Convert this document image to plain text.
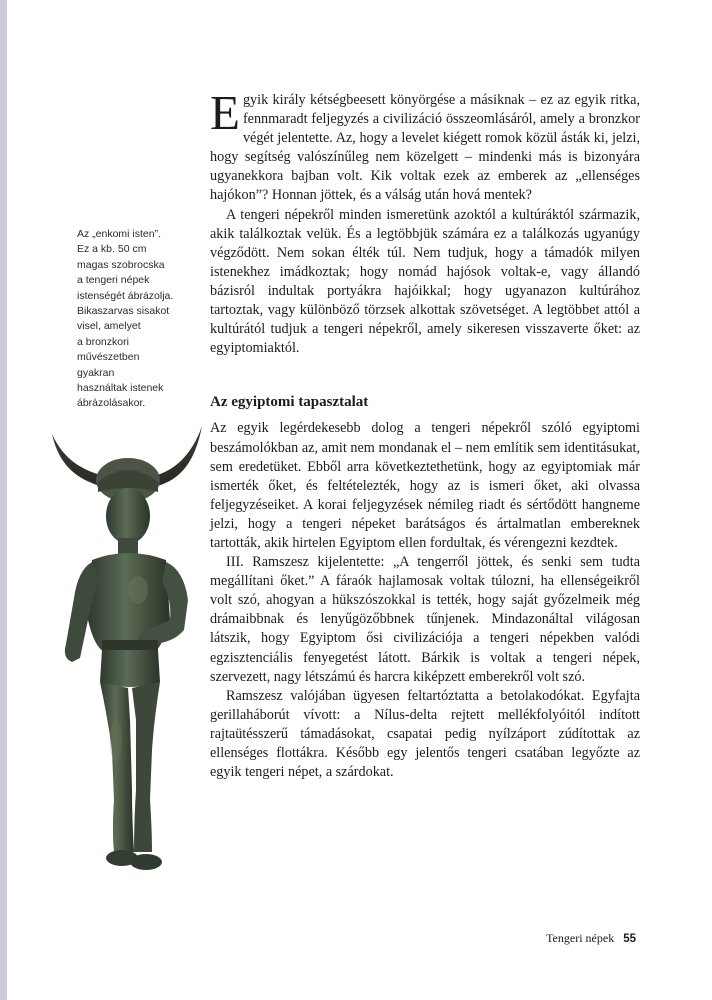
Az „enkomi isten”.
Ez a kb. 50 cm
magas szobrocska
a tengeri népek
istenségét ábrázolja.
Bikaszarvas sisakot
visel, amelyet
a bronzkori
művészetben
gyakran
használtak istenek
ábrázolásakor.

Egyik király kétségbeesett könyörgése a másiknak – ez az egyik ritka, fennmaradt feljegyzés a civilizáció összeomlásáról, amely a bronzkor végét jelentette. Az, hogy a levelet kiégett romok közül ásták ki, jelzi, hogy segítség valószínűleg nem közelgett – mindenki más is bizonyára ugyanekkora bajban volt. Kik voltak ezek az emberek az „ellenséges hajókon”? Honnan jöttek, és a válság után hová mentek?

A tengeri népekről minden ismeretünk azoktól a kultúráktól származik, akik találkoztak velük. És a legtöbbjük számára ez a találkozás ugyanúgy végződött. Nem sokan élték túl. Nem tudjuk, hogy a támadók milyen istenekhez imádkoztak; hogy nomád hajósok voltak-e, vagy állandó bázisról indultak portyákra hajóikkal; hogy ugyanazon kultúrához tartoztak, vagy különböző törzsek alkottak szövetséget. A legtöbbet attól a kultúrától tudjuk a tengeri népekről, amely sikeresen visszaverte őket: az egyiptomiaktól.

Az egyiptomi tapasztalat

Az egyik legérdekesebb dolog a tengeri népekről szóló egyiptomi beszámolókban az, amit nem mondanak el – nem említik sem identitásukat, sem eredetüket. Ebből arra következtethetünk, hogy az egyiptomiak már ismerték őket, és feltételezték, hogy az is ismeri őket, aki olvassa feljegyzéseiket. A korai feljegyzések némileg riadt és sértődött hangneme jelzi, hogy a tengeri népeket barátságos és ártalmatlan embereknek tartották, akik hirtelen Egyiptom ellen fordultak, és vérengezni kezdtek.

III. Ramszesz kijelentette: „A tengerről jöttek, és senki sem tudta megállítani őket.” A fáraók hajlamosak voltak túlozni, ha ellenségeikről volt szó, ahogyan a hükszószokkal is tették, hogy saját győzelmeik még drámaibbnak és lenyűgözőbbnek tűnjenek. Mindazonáltal világosan látszik, hogy Egyiptom ősi civilizációja a tengeri népekben valódi egzisztenciális fenyegetést látott. Bárkik is voltak a tengeri népek, szervezett, nagy létszámú és harcra kiképzett emberekről volt szó.

Ramszesz valójában ügyesen feltartóztatta a betolakodókat. Egyfajta gerillaháborút vívott: a Nílus-delta rejtett mellékfolyóitól indított rajtaütésszerű támadásokat, csapatai pedig nyílzáport zúdítottak az ellenséges flottákra. Később egy jelentős tengeri csatában legyőzte az egyik tengeri népet, a szárdokat.

Tengeri népek 55
